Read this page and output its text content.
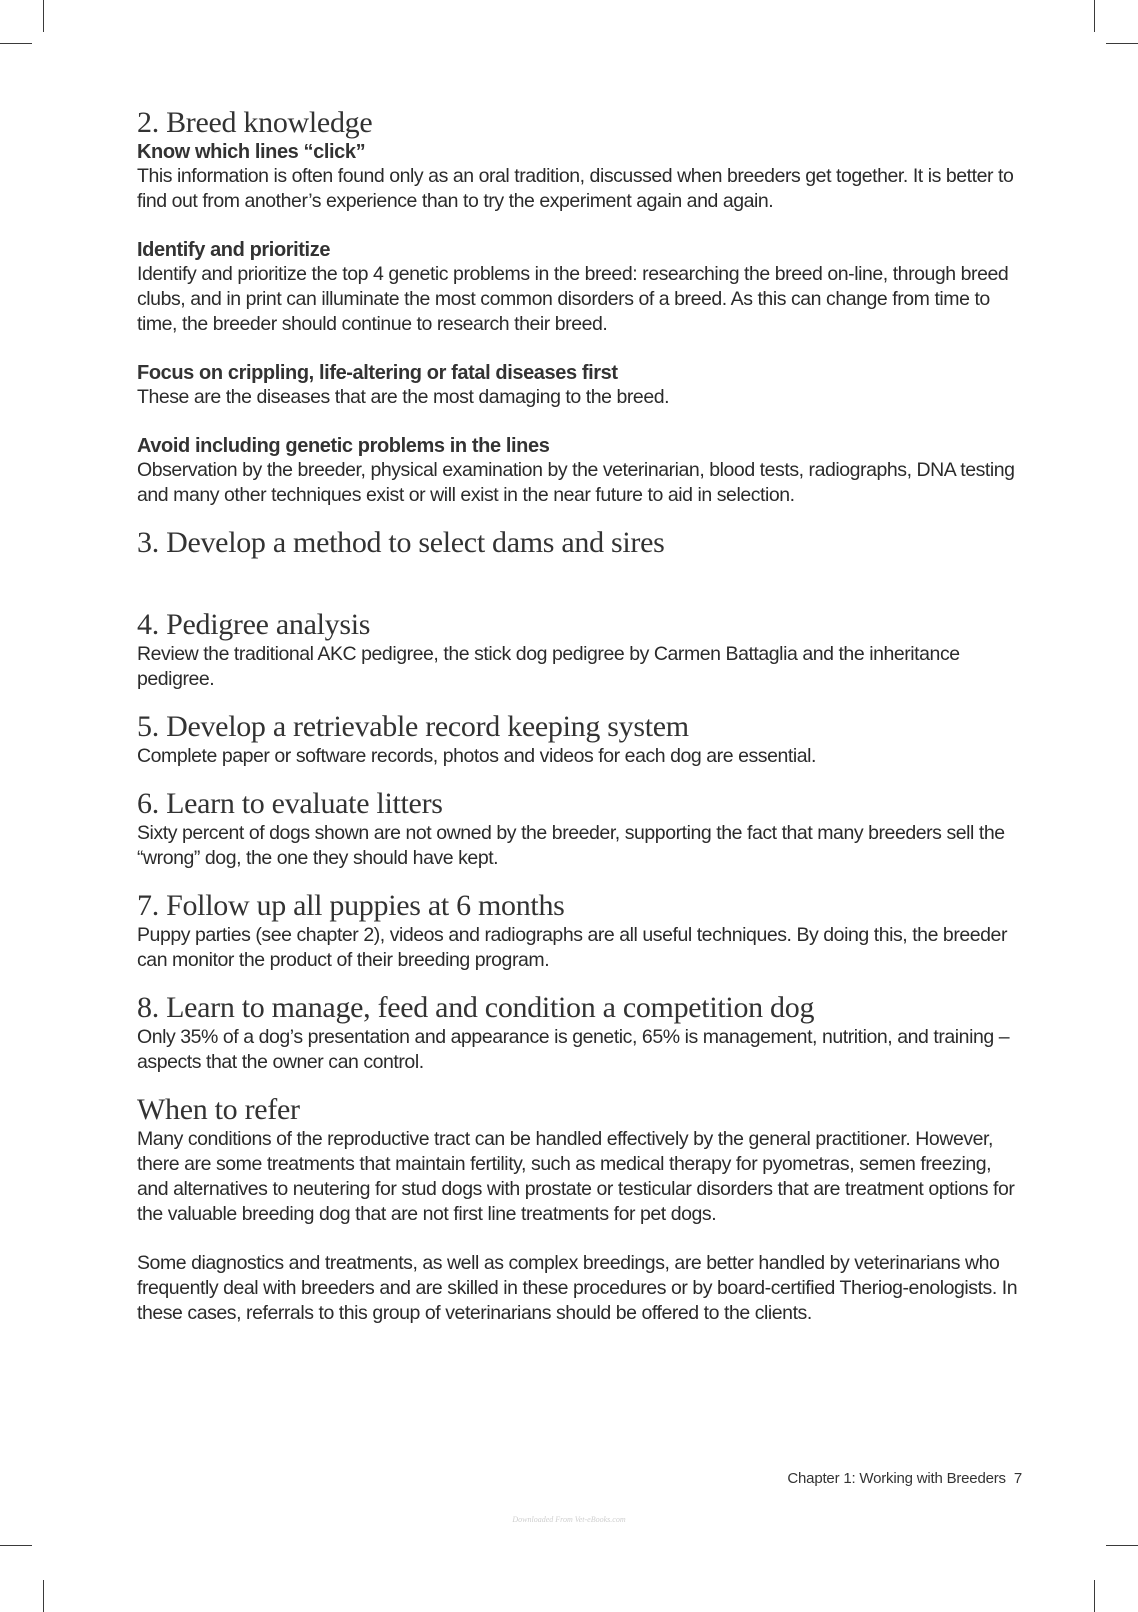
2. Breed knowledge
Know which lines “click”

This information is often found only as an oral tradition, discussed when breeders get together. It is better to find out from another’s experience than to try the experiment again and again.

Identify and prioritize

Identify and prioritize the top 4 genetic problems in the breed: researching the breed on-line, through breed clubs, and in print can illuminate the most common disorders of a breed. As this can change from time to time, the breeder should continue to research their breed.

Focus on crippling, life-altering or fatal diseases first

These are the diseases that are the most damaging to the breed.

Avoid including genetic problems in the lines

Observation by the breeder, physical examination by the veterinarian, blood tests, radiographs, DNA testing and many other techniques exist or will exist in the near future to aid in selection.

3. Develop a method to select dams and sires
4. Pedigree analysis

Review the traditional AKC pedigree, the stick dog pedigree by Carmen Battaglia and the inheritance pedigree.

5. Develop a retrievable record keeping system

Complete paper or software records, photos and videos for each dog are essential.

6. Learn to evaluate litters

Sixty percent of dogs shown are not owned by the breeder, supporting the fact that many breeders sell the “wrong” dog, the one they should have kept.

7. Follow up all puppies at 6 months

Puppy parties (see chapter 2), videos and radiographs are all useful techniques. By doing this, the breeder can monitor the product of their breeding program.

8. Learn to manage, feed and condition a competition dog

Only 35% of a dog’s presentation and appearance is genetic, 65% is management, nutrition, and training – aspects that the owner can control.

When to refer

Many conditions of the reproductive tract can be handled effectively by the general practitioner. However, there are some treatments that maintain fertility, such as medical therapy for pyometras, semen freezing, and alternatives to neutering for stud dogs with prostate or testicular disorders that are treatment options for the valuable breeding dog that are not first line treatments for pet dogs.

Some diagnostics and treatments, as well as complex breedings, are better handled by veterinarians who frequently deal with breeders and are skilled in these procedures or by board-certified Theriog-enologists. In these cases, referrals to this group of veterinarians should be offered to the clients.

Chapter 1: Working with Breeders 7
Downloaded From Vet-eBooks.com
